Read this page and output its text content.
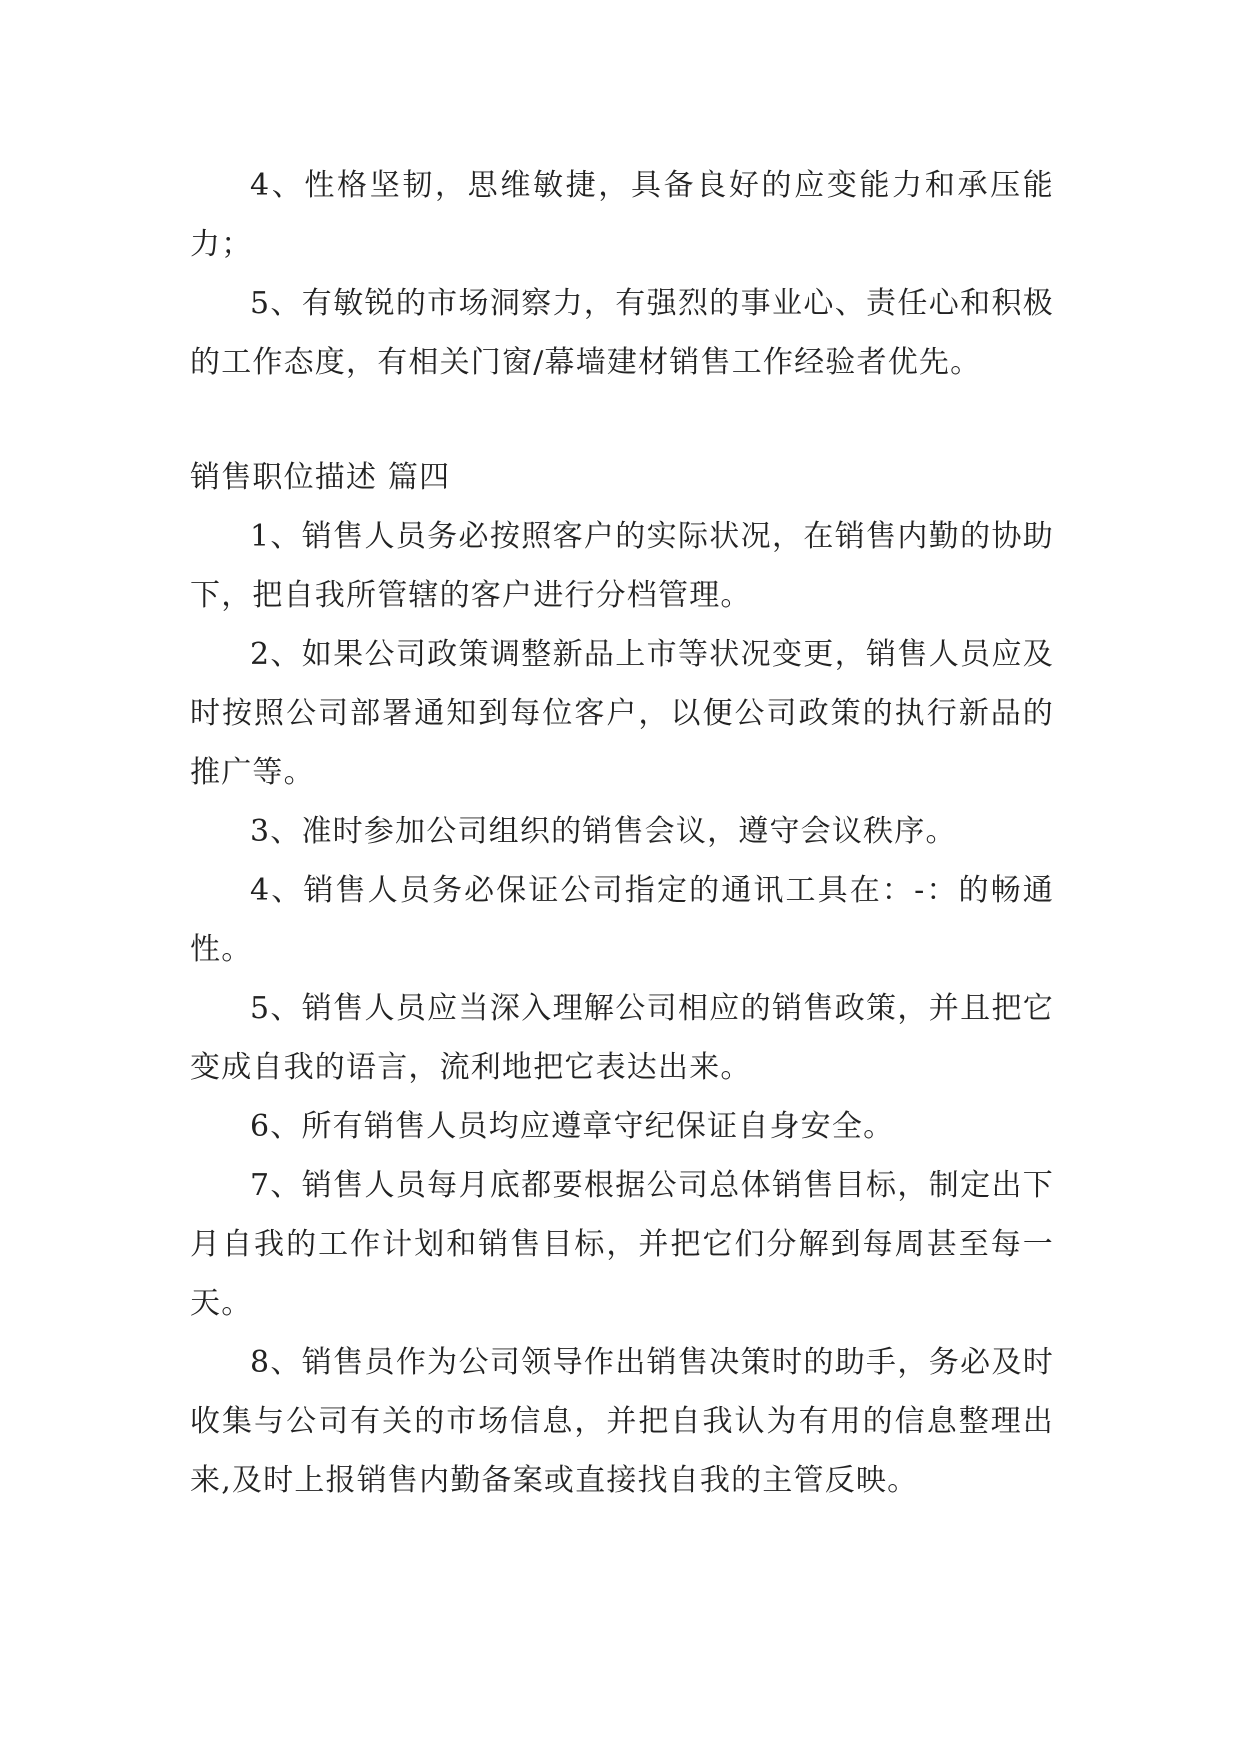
4、性格坚韧，思维敏捷，具备良好的应变能力和承压能力；

5、有敏锐的市场洞察力，有强烈的事业心、责任心和积极的工作态度，有相关门窗/幕墙建材销售工作经验者优先。

销售职位描述 篇四

1、销售人员务必按照客户的实际状况，在销售内勤的协助下，把自我所管辖的客户进行分档管理。

2、如果公司政策调整新品上市等状况变更，销售人员应及时按照公司部署通知到每位客户，以便公司政策的执行新品的推广等。

3、准时参加公司组织的销售会议，遵守会议秩序。

4、销售人员务必保证公司指定的通讯工具在：-：的畅通性。

5、销售人员应当深入理解公司相应的销售政策，并且把它变成自我的语言，流利地把它表达出来。

6、所有销售人员均应遵章守纪保证自身安全。

7、销售人员每月底都要根据公司总体销售目标，制定出下月自我的工作计划和销售目标，并把它们分解到每周甚至每一天。

8、销售员作为公司领导作出销售决策时的助手，务必及时收集与公司有关的市场信息，并把自我认为有用的信息整理出来,及时上报销售内勤备案或直接找自我的主管反映。
